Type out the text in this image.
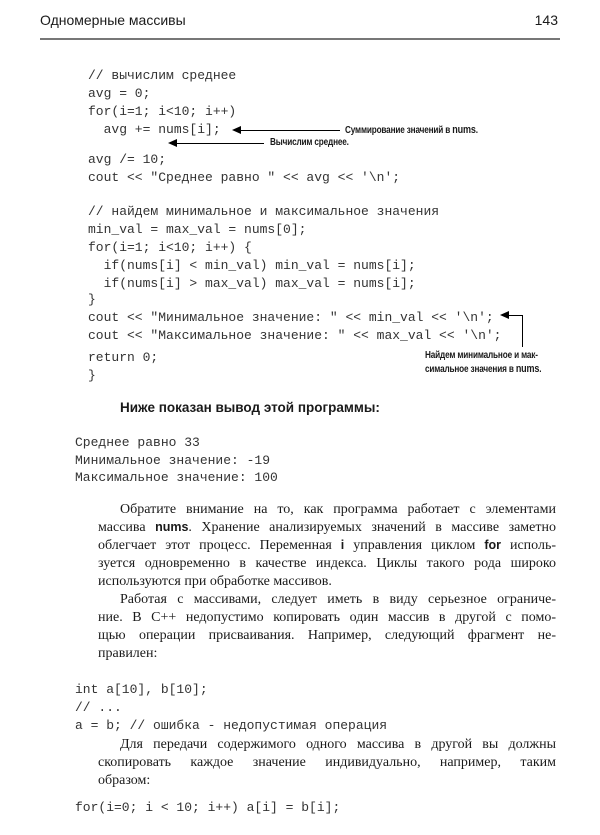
Одномерные массивы	143
// вычислим среднее
avg = 0;
for(i=1; i<10; i++)
avg += nums[i];
avg /= 10;
cout << "Среднее равно " << avg << '\n';
// найдем минимальное и максимальное значения
min_val = max_val = nums[0];
for(i=1; i<10; i++) {
if(nums[i] < min_val) min_val = nums[i];
if(nums[i] > max_val) max_val = nums[i];
}
cout << "Минимальное значение: " << min_val << '\n';
cout << "Максимальное значение: " << max_val << '\n';
return 0;
}
Суммирование значений в nums.
Вычислим среднее.
Найдем минимальное и мак-
симальное значения в nums.
Ниже показан вывод этой программы:
Среднее равно 33
Минимальное значение: -19
Максимальное значение: 100
Обратите внимание на то, как программа работает с элементами
массива nums. Хранение анализируемых значений в массиве заметно
облегчает этот процесс. Переменная i управления циклом for исполь-
зуется одновременно в качестве индекса. Циклы такого рода широко
используются при обработке массивов.
Работая с массивами, следует иметь в виду серьезное ограниче-
ние. В С++ недопустимо копировать один массив в другой с помо-
щью операции присваивания. Например, следующий фрагмент не-
правилен:
int a[10], b[10];
// ...
a = b; // ошибка - недопустимая операция
Для передачи содержимого одного массива в другой вы должны
скопировать каждое значение индивидуально, например, таким
образом:
for(i=0; i < 10; i++) a[i] = b[i];
